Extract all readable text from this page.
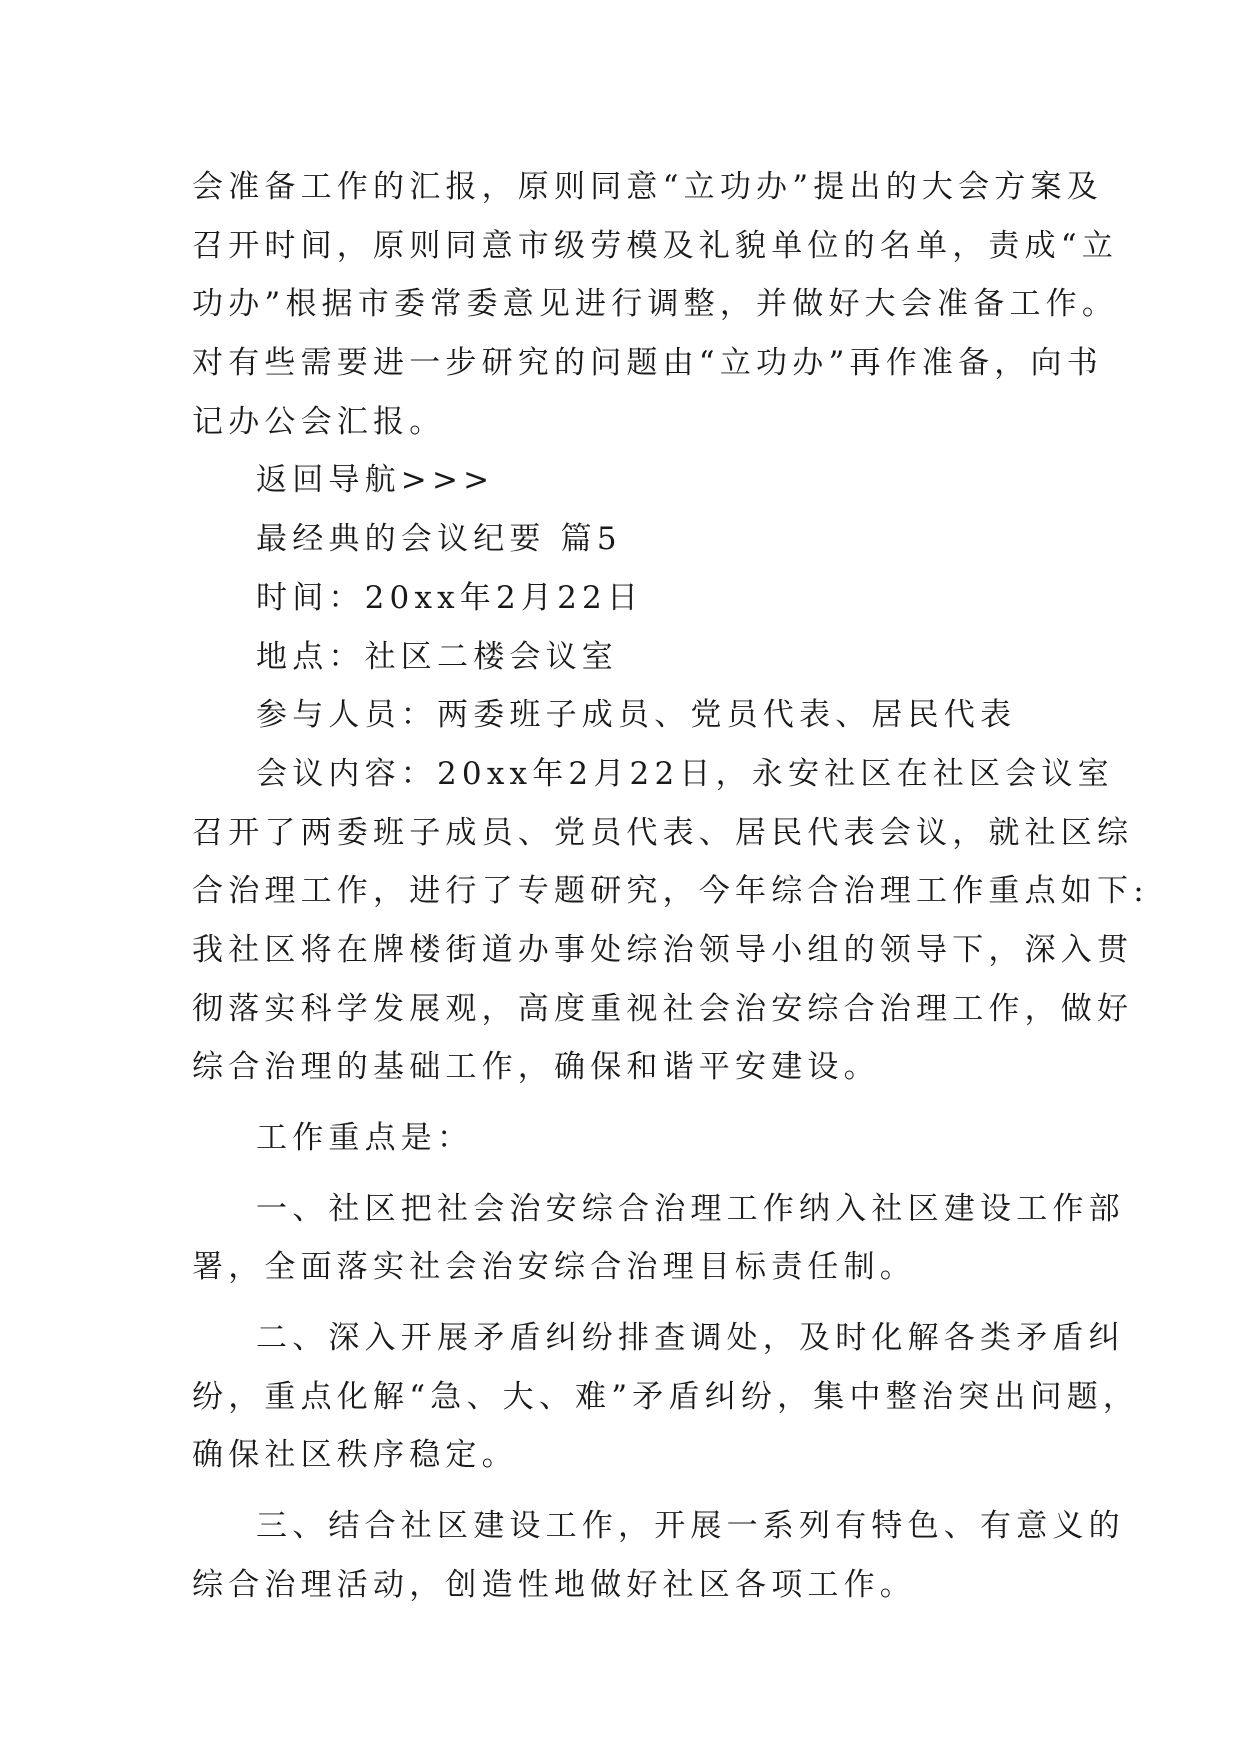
会准备工作的汇报，原则同意“立功办”提出的大会方案及
召开时间，原则同意市级劳模及礼貌单位的名单，责成“立
功办”根据市委常委意见进行调整，并做好大会准备工作。
对有些需要进一步研究的问题由“立功办”再作准备，向书
记办公会汇报。
返回导航>>>
最经典的会议纪要 篇5
时间：20xx年2月22日
地点：社区二楼会议室
参与人员：两委班子成员、党员代表、居民代表
会议内容：20xx年2月22日，永安社区在社区会议室
召开了两委班子成员、党员代表、居民代表会议，就社区综
合治理工作，进行了专题研究，今年综合治理工作重点如下:
我社区将在牌楼街道办事处综治领导小组的领导下，深入贯
彻落实科学发展观，高度重视社会治安综合治理工作，做好
综合治理的基础工作，确保和谐平安建设。
工作重点是：
一、社区把社会治安综合治理工作纳入社区建设工作部
署，全面落实社会治安综合治理目标责任制。
二、深入开展矛盾纠纷排查调处，及时化解各类矛盾纠
纷，重点化解“急、大、难”矛盾纠纷，集中整治突出问题，
确保社区秩序稳定。
三、结合社区建设工作，开展一系列有特色、有意义的
综合治理活动，创造性地做好社区各项工作。
